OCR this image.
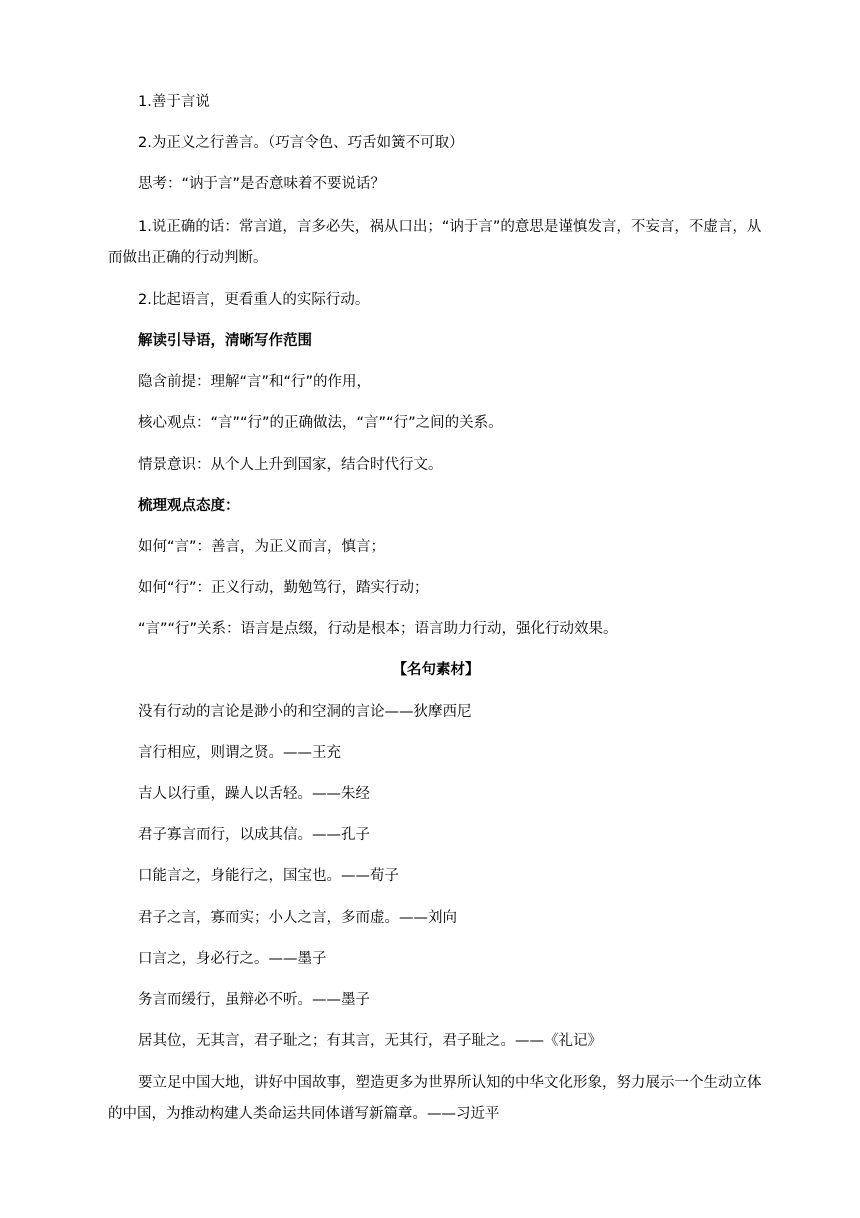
1.善于言说

2.为正义之行善言。（巧言令色、巧舌如簧不可取）

思考：“讷于言”是否意味着不要说话？

1.说正确的话：常言道，言多必失，祸从口出；“讷于言”的意思是谨慎发言，不妄言，不虚言，从而做出正确的行动判断。

2.比起语言，更看重人的实际行动。

解读引导语，清晰写作范围

隐含前提：理解“言”和“行”的作用，

核心观点：“言”“行”的正确做法，“言”“行”之间的关系。

情景意识：从个人上升到国家，结合时代行文。

梳理观点态度：

如何“言”：善言，为正义而言，慎言；

如何“行”：正义行动，勤勉笃行，踏实行动；

“言”“行”关系：语言是点缀，行动是根本；语言助力行动，强化行动效果。

【名句素材】

没有行动的言论是渺小的和空洞的言论——狄摩西尼

言行相应，则谓之贤。——王充

吉人以行重，躁人以舌轻。——朱经

君子寡言而行，以成其信。——孔子

口能言之，身能行之，国宝也。——荀子

君子之言，寡而实；小人之言，多而虚。——刘向

口言之，身必行之。——墨子

务言而缓行，虽辩必不听。——墨子

居其位，无其言，君子耻之；有其言，无其行，君子耻之。——《礼记》

要立足中国大地，讲好中国故事，塑造更多为世界所认知的中华文化形象，努力展示一个生动立体的中国，为推动构建人类命运共同体谱写新篇章。——习近平
